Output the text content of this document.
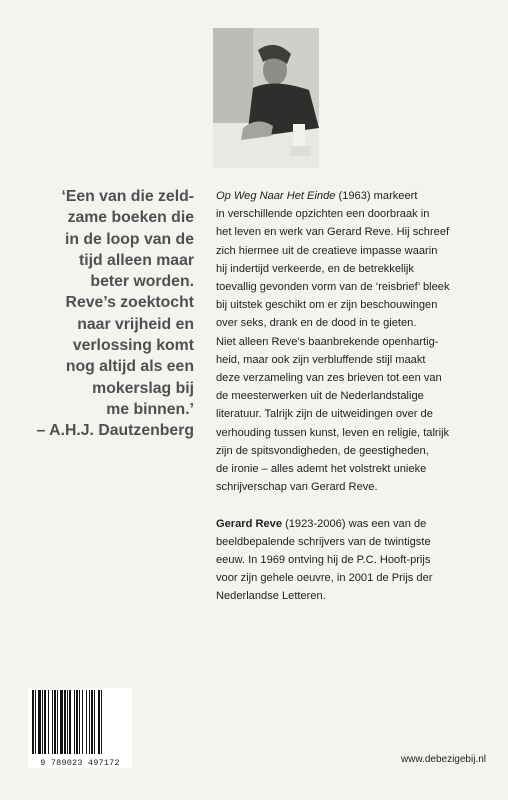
‘Een van die zeld-
zame boeken die
in de loop van de
tijd alleen maar
beter worden.
Reve’s zoektocht
naar vrijheid en
verlossing komt
nog altijd als een
mokerslag bij
me binnen.’
– A.H.J. Dautzenberg
Op Weg Naar Het Einde (1963) markeert
in verschillende opzichten een doorbraak in
het leven en werk van Gerard Reve. Hij schreef
zich hiermee uit de creatieve impasse waarin
hij indertijd verkeerde, en de betrekkelijk
toevallig gevonden vorm van de ‘reisbrief’ bleek
bij uitstek geschikt om er zijn beschouwingen
over seks, drank en de dood in te gieten.
Niet alleen Reve’s baanbrekende openhartig-
heid, maar ook zijn verbluffende stijl maakt
deze verzameling van zes brieven tot een van
de meesterwerken uit de Nederlandstalige
literatuur. Talrijk zijn de uitweidingen over de
verhouding tussen kunst, leven en religie, talrijk
zijn de spitsvondigheden, de geestigheden,
de ironie – alles ademt het volstrekt unieke
schrijverschap van Gerard Reve.
Gerard Reve (1923-2006) was een van de
beeldbepalende schrijvers van de twintigste
eeuw. In 1969 ontving hij de P.C. Hooft-prijs
voor zijn gehele oeuvre, in 2001 de Prijs der
Nederlandse Letteren.
9 789023 497172	www.debezigebij.nl
